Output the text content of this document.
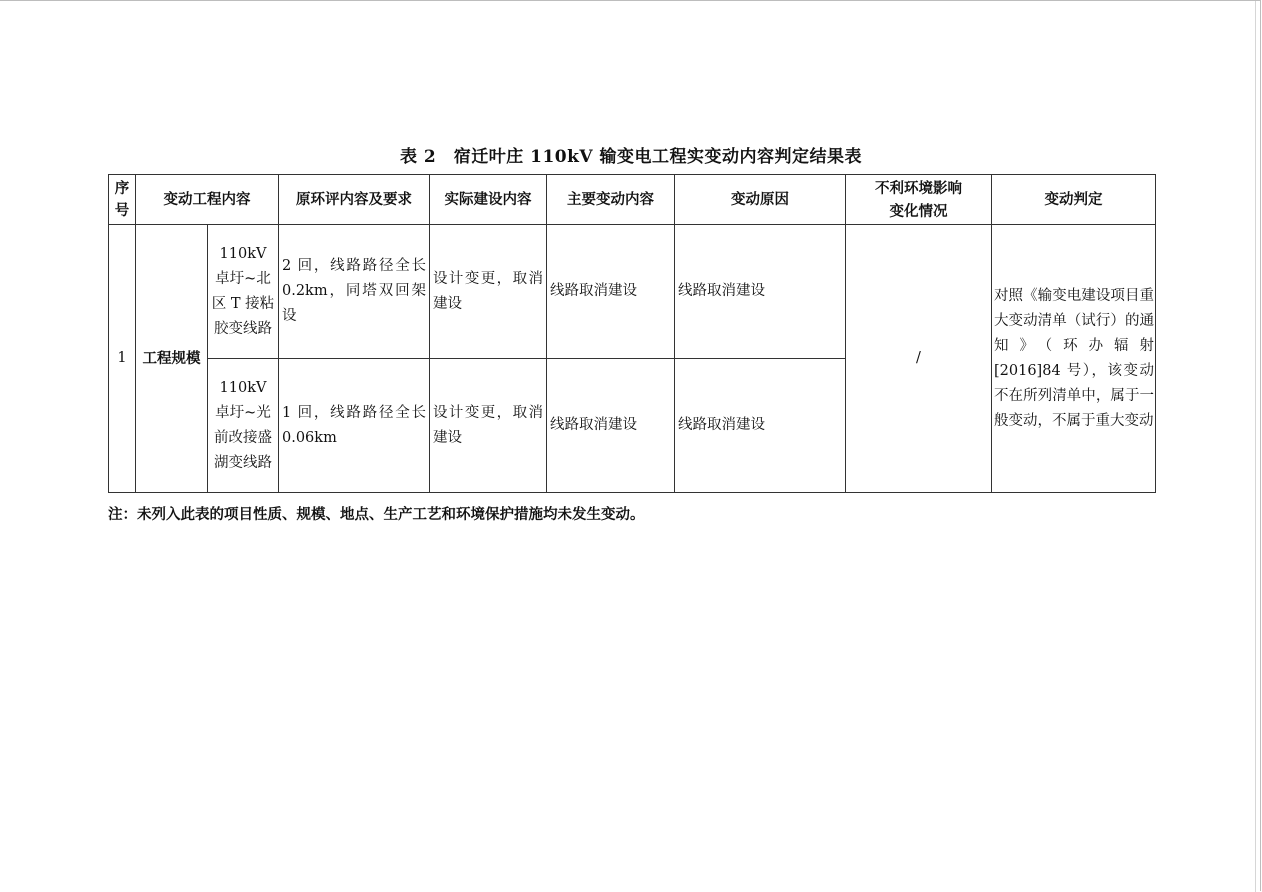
表 2　宿迁叶庄 110kV 输变电工程实变动内容判定结果表
序号	变动工程内容		原环评内容及要求	实际建设内容	主要变动内容	变动原因	不利环境影响变化情况	变动判定
1	工程规模	110kV 卓圩~北区 T 接粘胶变线路	2 回，线路路径全长 0.2km，同塔双回架设	设计变更，取消建设	线路取消建设	线路取消建设	/	对照《输变电建设项目重大变动清单（试行）的通知》（环办辐射[2016]84 号），该变动不在所列清单中，属于一般变动，不属于重大变动
		110kV 卓圩~光前改接盛湖变线路	1 回，线路路径全长 0.06km	设计变更，取消建设	线路取消建设	线路取消建设		
注：未列入此表的项目性质、规模、地点、生产工艺和环境保护措施均未发生变动。
